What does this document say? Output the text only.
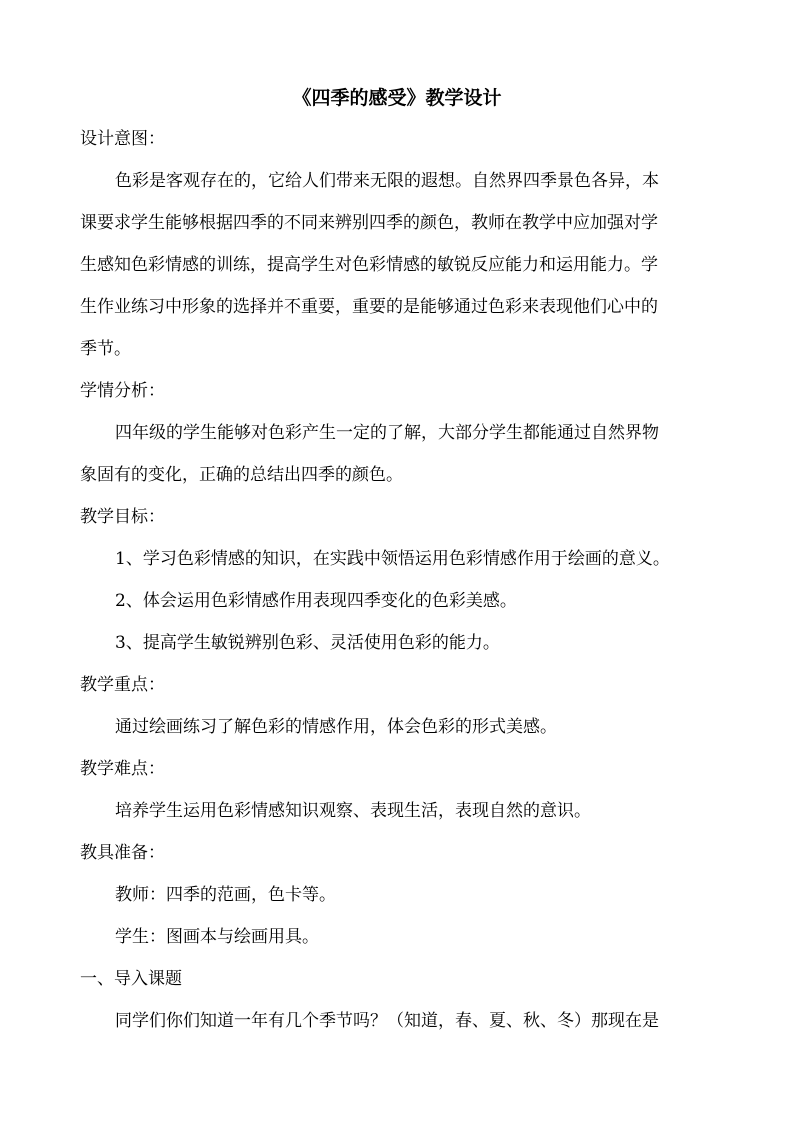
《四季的感受》教学设计
设计意图：
色彩是客观存在的，它给人们带来无限的遐想。自然界四季景色各异，本
课要求学生能够根据四季的不同来辨别四季的颜色，教师在教学中应加强对学
生感知色彩情感的训练，提高学生对色彩情感的敏锐反应能力和运用能力。学
生作业练习中形象的选择并不重要，重要的是能够通过色彩来表现他们心中的
季节。
学情分析：
四年级的学生能够对色彩产生一定的了解，大部分学生都能通过自然界物
象固有的变化，正确的总结出四季的颜色。
教学目标：
1、学习色彩情感的知识，在实践中领悟运用色彩情感作用于绘画的意义。
2、体会运用色彩情感作用表现四季变化的色彩美感。
3、提高学生敏锐辨别色彩、灵活使用色彩的能力。
教学重点：
通过绘画练习了解色彩的情感作用，体会色彩的形式美感。
教学难点：
培养学生运用色彩情感知识观察、表现生活，表现自然的意识。
教具准备：
教师：四季的范画，色卡等。
学生：图画本与绘画用具。
一、导入课题
同学们你们知道一年有几个季节吗？（知道，春、夏、秋、冬）那现在是
